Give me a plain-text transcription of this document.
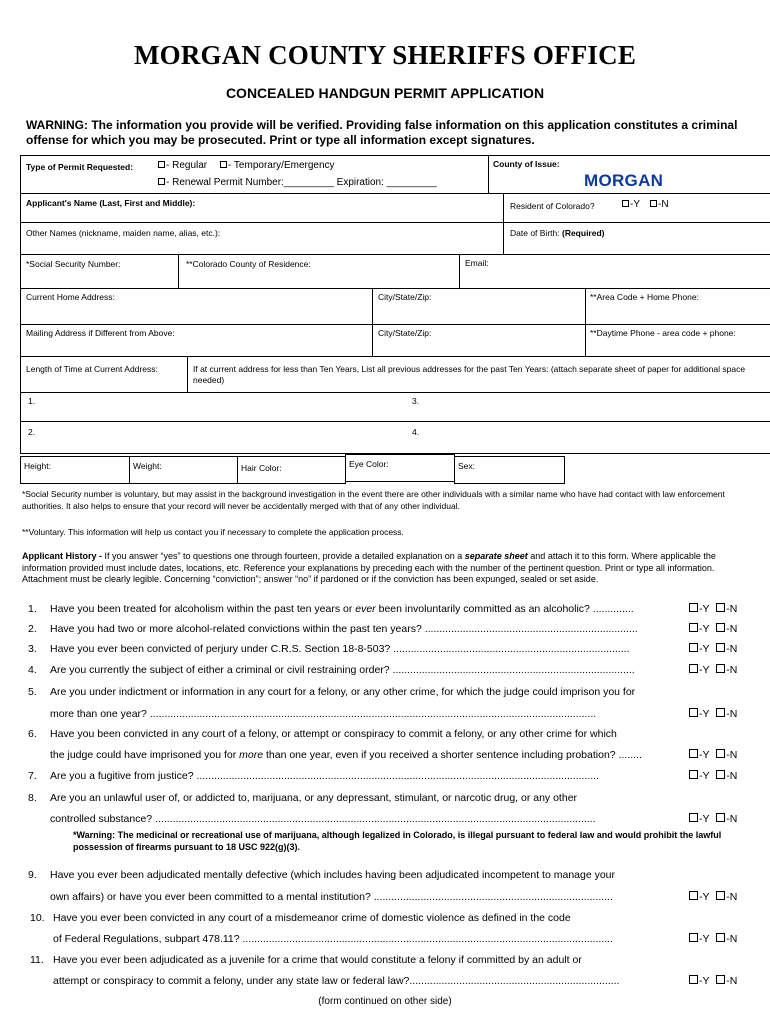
MORGAN COUNTY SHERIFFS OFFICE
CONCEALED HANDGUN PERMIT APPLICATION
WARNING: The information you provide will be verified. Providing false information on this application constitutes a criminal offense for which you may be prosecuted. Print or type all information except signatures.
Type of Permit Requested:	- Regular	- Temporary/Emergency
- Renewal Permit Number:_________ Expiration: _________
County of Issue:
MORGAN
Applicant's Name (Last, First and Middle):	Resident of Colorado?	-Y	-N
Other Names (nickname, maiden name, alias, etc.):	Date of Birth: (Required)
*Social Security Number:	**Colorado County of Residence:	Email:
Current Home Address:	City/State/Zip:	**Area Code + Home Phone:
Mailing Address if Different from Above:	City/State/Zip:	**Daytime Phone - area code + phone:
Length of Time at Current Address:	If at current address for less than Ten Years, List all previous addresses for the past Ten Years: (attach separate sheet of paper for additional space needed)
1.	3.
2.	4.
Height:	Weight:	Hair Color:	Eye Color:	Sex:
*Social Security number is voluntary, but may assist in the background investigation in the event there are other individuals with a similar name who have had contact with law enforcement authorities. It also helps to ensure that your record will never be accidentally merged with that of any other individual.
**Voluntary. This information will help us contact you if necessary to complete the application process.
Applicant History - If you answer “yes” to questions one through fourteen, provide a detailed explanation on a separate sheet and attach it to this form. Where applicable the information provided must include dates, locations, etc. Reference your explanations by preceding each with the number of the pertinent question. Print or type all information. Attachment must be clearly legible. Concerning “conviction”; answer “no” if pardoned or if the conviction has been expunged, sealed or set aside.
1. Have you been treated for alcoholism within the past ten years or ever been involuntarily committed as an alcoholic? ..............	-Y -N
2. Have you had two or more alcohol-related convictions within the past ten years? .........................................................................	-Y -N
3. Have you ever been convicted of perjury under C.R.S. Section 18-8-503? .................................................................................	-Y -N
4. Are you currently the subject of either a criminal or civil restraining order? ...................................................................................	-Y -N
5. Are you under indictment or information in any court for a felony, or any other crime, for which the judge could imprison you for
more than one year? .........................................................................................................................................................	-Y -N
6. Have you been convicted in any court of a felony, or attempt or conspiracy to commit a felony, or any other crime for which
the judge could have imprisoned you for more than one year, even if you received a shorter sentence including probation? ........	-Y -N
7. Are you a fugitive from justice? ..........................................................................................................................................	-Y -N
8. Are you an unlawful user of, or addicted to, marijuana, or any depressant, stimulant, or narcotic drug, or any other
controlled substance? .......................................................................................................................................................	-Y -N
9. Have you ever been adjudicated mentally defective (which includes having been adjudicated incompetent to manage your
own affairs) or have you ever been committed to a mental institution? ..................................................................................	-Y -N
10. Have you ever been convicted in any court of a misdemeanor crime of domestic violence as defined in the code
of Federal Regulations, subpart 478.11? ...............................................................................................................................	-Y -N
11. Have you ever been adjudicated as a juvenile for a crime that would constitute a felony if committed by an adult or
attempt or conspiracy to commit a felony, under any state law or federal law?........................................................................	-Y -N
*Warning: The medicinal or recreational use of marijuana, although legalized in Colorado, is illegal pursuant to federal law and would prohibit the lawful possession of firearms pursuant to 18 USC 922(g)(3).
(form continued on other side)
